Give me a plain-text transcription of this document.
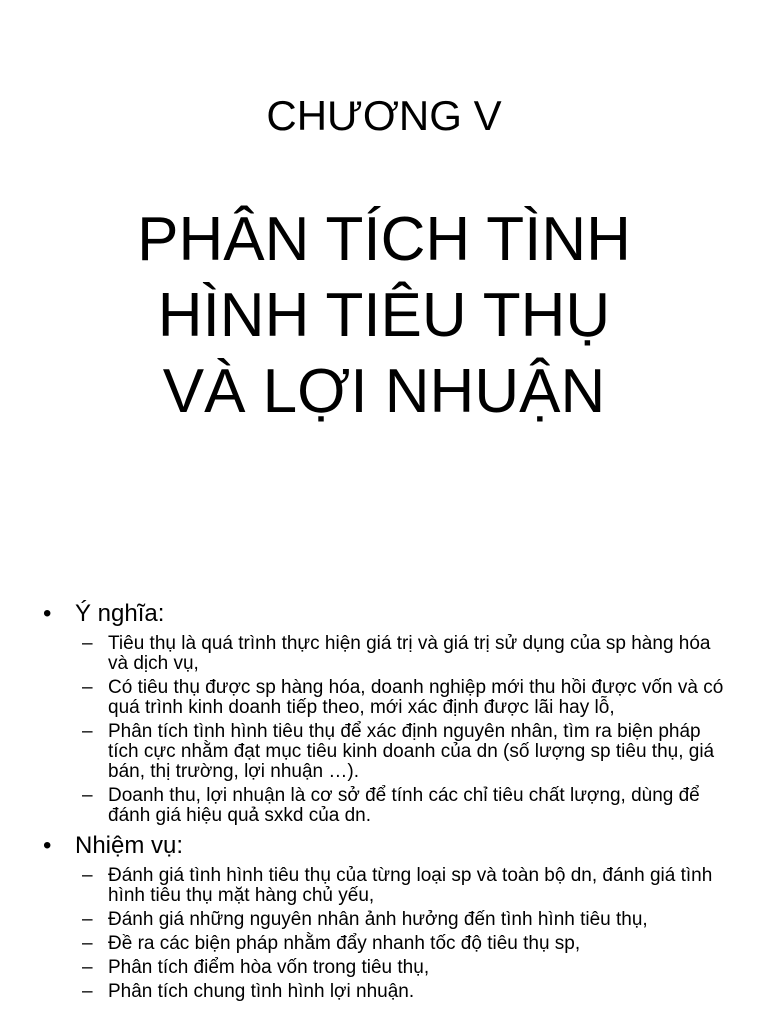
CHƯƠNG V
PHÂN TÍCH TÌNH
HÌNH TIÊU THỤ
VÀ LỢI NHUẬN
• Ý nghĩa:
– Tiêu thụ là quá trình thực hiện giá trị và giá trị sử dụng của sp hàng hóa và dịch vụ,
– Có tiêu thụ được sp hàng hóa, doanh nghiệp mới thu hồi được vốn và có quá trình kinh doanh tiếp theo, mới xác định được lãi hay lỗ,
– Phân tích tình hình tiêu thụ để xác định nguyên nhân, tìm ra biện pháp tích cực nhằm đạt mục tiêu kinh doanh của dn (số lượng sp tiêu thụ, giá bán, thị trường, lợi nhuận …).
– Doanh thu, lợi nhuận là cơ sở để tính các chỉ tiêu chất lượng, dùng để đánh giá hiệu quả sxkd của dn.
• Nhiệm vụ:
– Đánh giá tình hình tiêu thụ của từng loại sp và toàn bộ dn, đánh giá tình hình tiêu thụ mặt hàng chủ yếu,
– Đánh giá những nguyên nhân ảnh hưởng đến tình hình tiêu thụ,
– Đề ra các biện pháp nhằm đẩy nhanh tốc độ tiêu thụ sp,
– Phân tích điểm hòa vốn trong tiêu thụ,
– Phân tích chung tình hình lợi nhuận.
